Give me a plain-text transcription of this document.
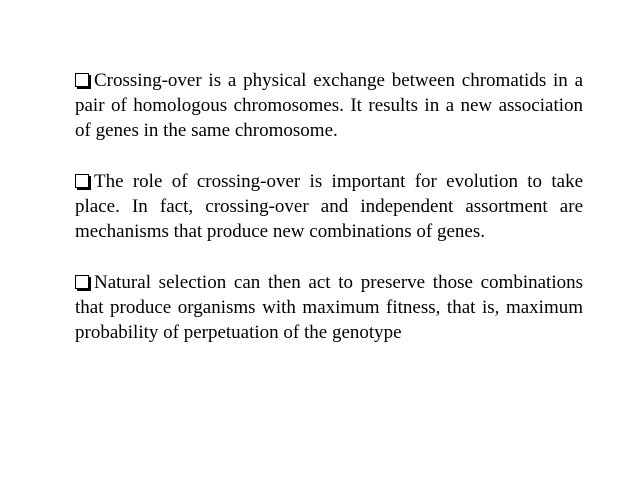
Crossing-over is a physical exchange between chromatids in a pair of homologous chromosomes. It results in a new association of genes in the same chromosome.

The role of crossing-over is important for evolution to take place. In fact, crossing-over and independent assortment are mechanisms that produce new combinations of genes.

Natural selection can then act to preserve those combinations that produce organisms with maximum fitness, that is, maximum probability of perpetuation of the genotype
